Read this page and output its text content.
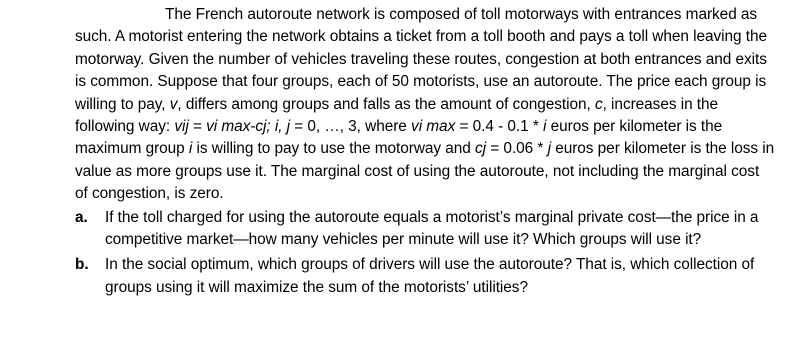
The French autoroute network is composed of toll motorways with entrances marked as such. A motorist entering the network obtains a ticket from a toll booth and pays a toll when leaving the motorway. Given the number of vehicles traveling these routes, congestion at both entrances and exits is common. Suppose that four groups, each of 50 motorists, use an autoroute. The price each group is willing to pay, v, differs among groups and falls as the amount of congestion, c, increases in the following way: vij = vi max-cj; i, j = 0, …, 3, where vi max = 0.4 - 0.1 * i euros per kilometer is the maximum group i is willing to pay to use the motorway and cj = 0.06 * j euros per kilometer is the loss in value as more groups use it. The marginal cost of using the autoroute, not including the marginal cost of congestion, is zero.

a. If the toll charged for using the autoroute equals a motorist’s marginal private cost—the price in a competitive market—how many vehicles per minute will use it? Which groups will use it?
b. In the social optimum, which groups of drivers will use the autoroute? That is, which collection of groups using it will maximize the sum of the motorists’ utilities?
